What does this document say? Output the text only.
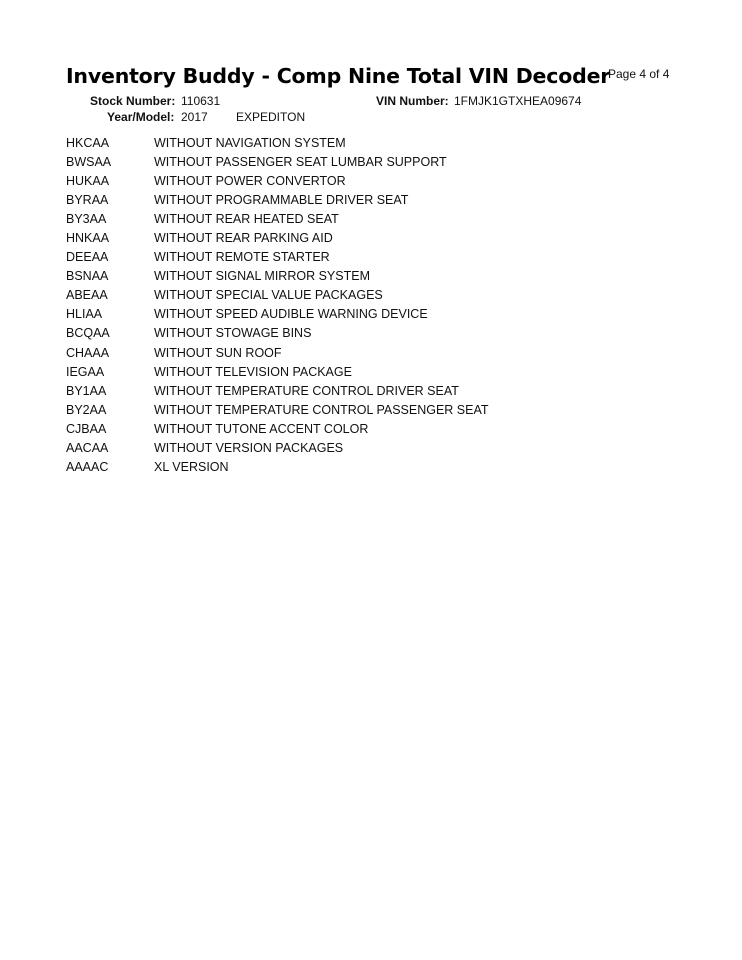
Inventory Buddy - Comp Nine Total VIN Decoder
Page 4 of 4
Stock Number: 110631	VIN Number: 1FMJK1GTXHEA09674
Year/Model: 2017 EXPEDITON
HKCAA	WITHOUT NAVIGATION SYSTEM
BWSAA	WITHOUT PASSENGER SEAT LUMBAR SUPPORT
HUKAA	WITHOUT POWER CONVERTOR
BYRAA	WITHOUT PROGRAMMABLE DRIVER SEAT
BY3AA	WITHOUT REAR HEATED SEAT
HNKAA	WITHOUT REAR PARKING AID
DEEAA	WITHOUT REMOTE STARTER
BSNAA	WITHOUT SIGNAL MIRROR SYSTEM
ABEAA	WITHOUT SPECIAL VALUE PACKAGES
HLIAA	WITHOUT SPEED AUDIBLE WARNING DEVICE
BCQAA	WITHOUT STOWAGE BINS
CHAAA	WITHOUT SUN ROOF
IEGAA	WITHOUT TELEVISION PACKAGE
BY1AA	WITHOUT TEMPERATURE CONTROL DRIVER SEAT
BY2AA	WITHOUT TEMPERATURE CONTROL PASSENGER SEAT
CJBAA	WITHOUT TUTONE ACCENT COLOR
AACAA	WITHOUT VERSION PACKAGES
AAAAC	XL VERSION
